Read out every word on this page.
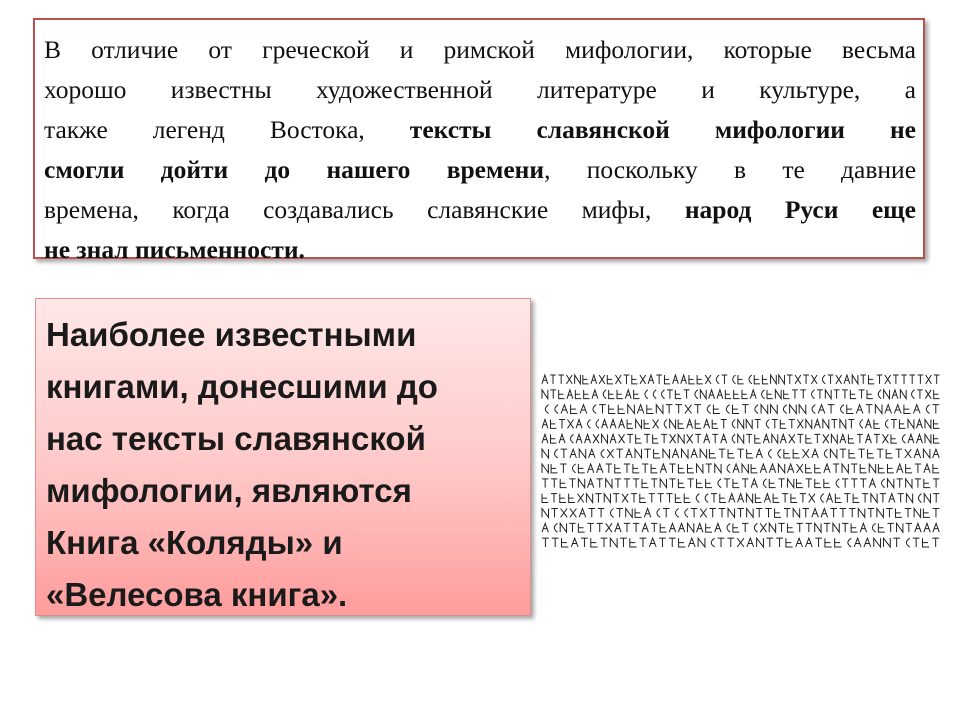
В отличие от греческой и римской мифологии, которые весьма
хорошо известны художественной литературе и культуре, а
также легенд Востока, тексты славянской мифологии не
смогли дойти до нашего времени, поскольку в те давние
времена, когда создавались славянские мифы, народ Руси еще
не знал письменности.
Наиболее известными
книгами, донесшими до
нас тексты славянской
мифологии, являются
Книга «Коляды» и
«Велесова книга».
